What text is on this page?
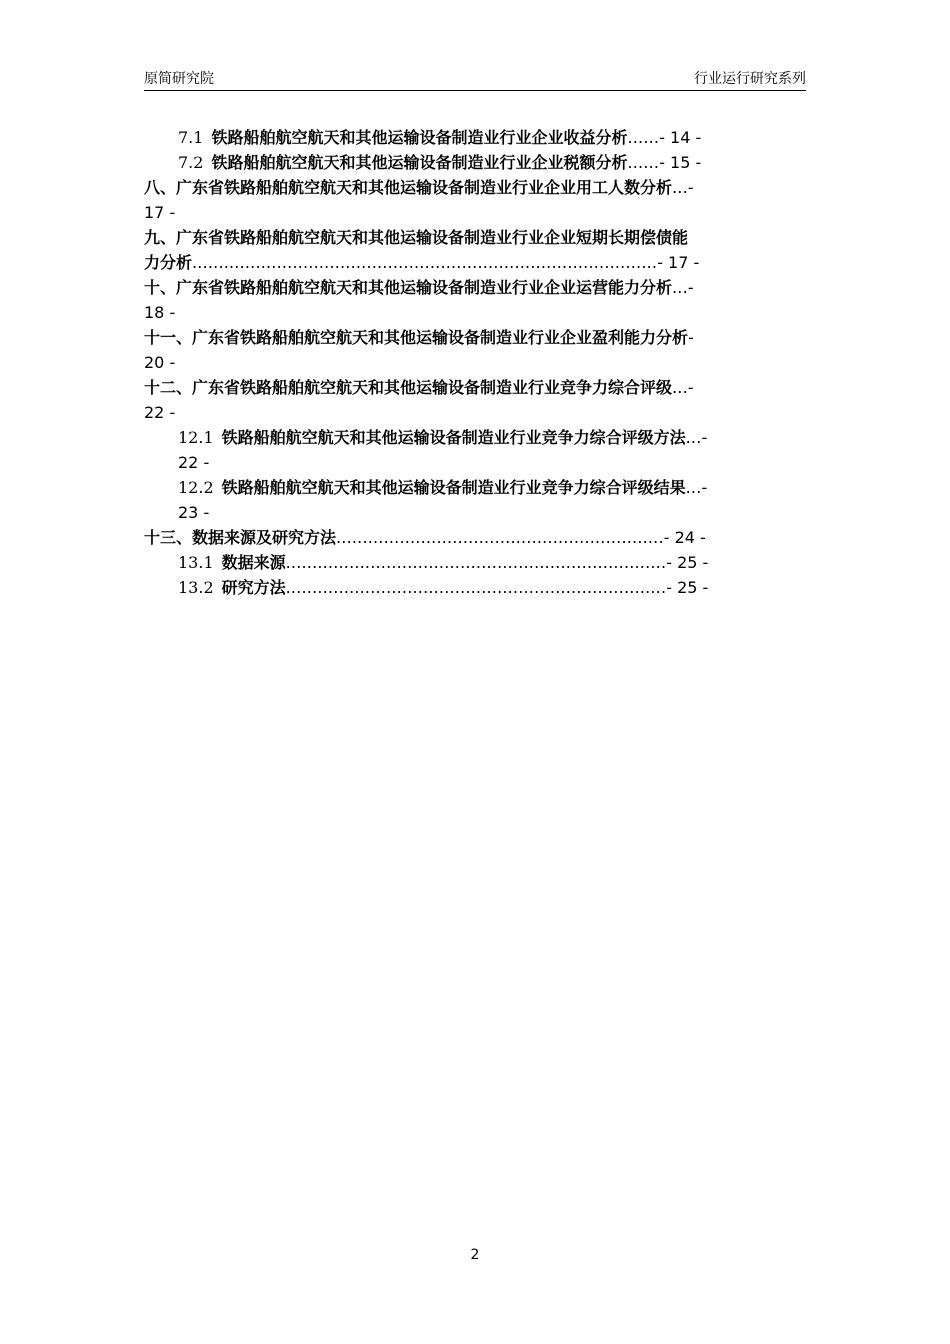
原简研究院	行业运行研究系列
7.1 铁路船舶航空航天和其他运输设备制造业行业企业收益分析......- 14 -
7.2 铁路船舶航空航天和其他运输设备制造业行业企业税额分析......- 15 -
八、广东省铁路船舶航空航天和其他运输设备制造业行业企业用工人数分析...-
17 -
九、广东省铁路船舶航空航天和其他运输设备制造业行业企业短期长期偿债能
力分析........................................................................................- 17 -
十、广东省铁路船舶航空航天和其他运输设备制造业行业企业运营能力分析...-
18 -
十一、广东省铁路船舶航空航天和其他运输设备制造业行业企业盈利能力分析-
20 -
十二、广东省铁路船舶航空航天和其他运输设备制造业行业竞争力综合评级...-
22 -
12.1 铁路船舶航空航天和其他运输设备制造业行业竞争力综合评级方法...-
22 -
12.2 铁路船舶航空航天和其他运输设备制造业行业竞争力综合评级结果...-
23 -
十三、数据来源及研究方法..............................................................- 24 -
13.1 数据来源........................................................................- 25 -
13.2 研究方法........................................................................- 25 -
2
